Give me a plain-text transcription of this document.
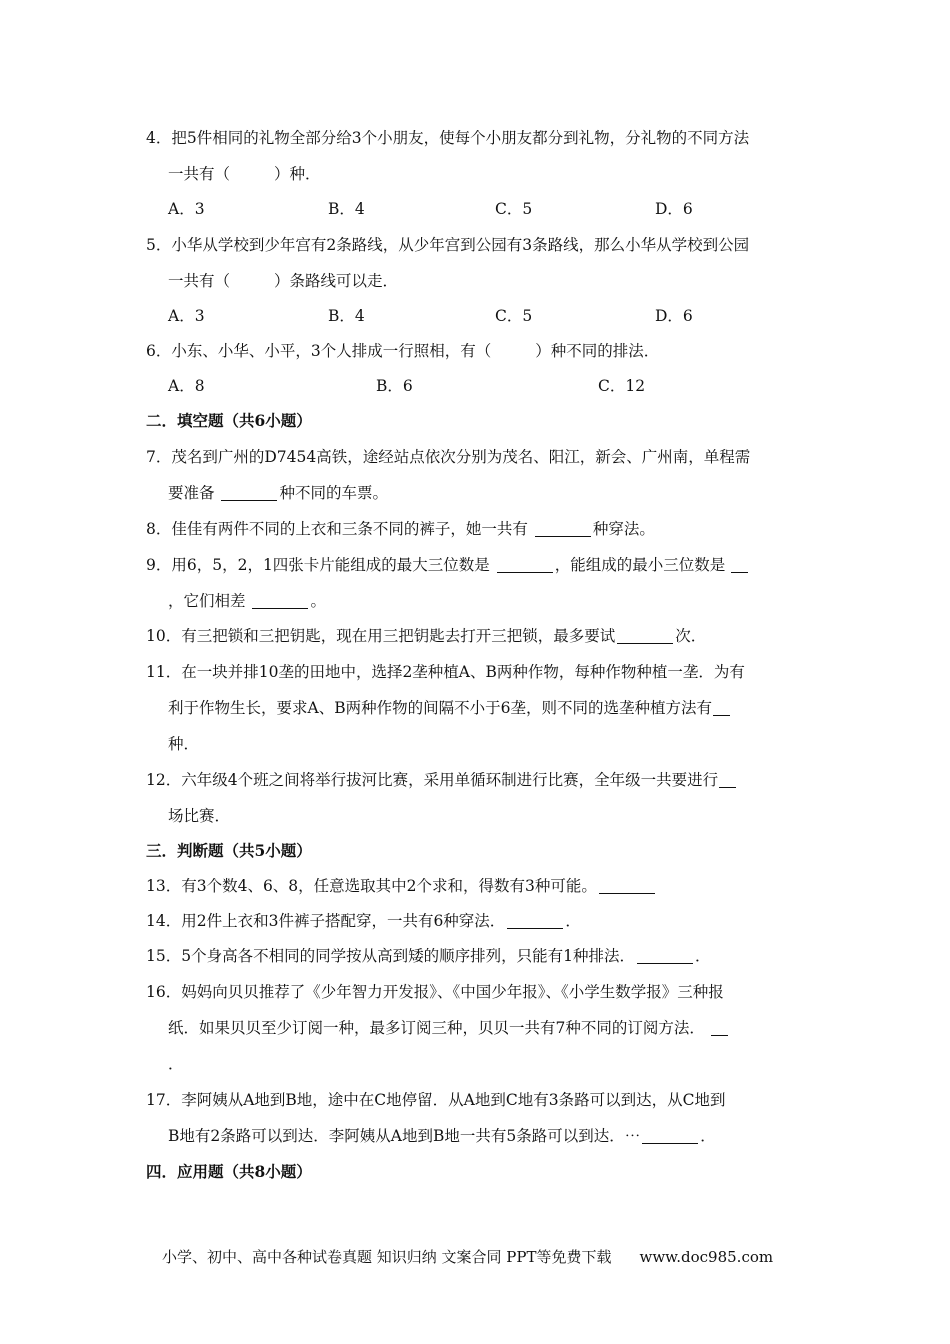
4．把5件相同的礼物全部分给3个小朋友，使每个小朋友都分到礼物，分礼物的不同方法
一共有（	）种．
A．3	B．4	C．5	D．6
5．小华从学校到少年宫有2条路线，从少年宫到公园有3条路线，那么小华从学校到公园
一共有（	）条路线可以走．
A．3	B．4	C．5	D．6
6．小东、小华、小平，3个人排成一行照相，有（	）种不同的排法．
A．8	B．6	C．12
二．填空题（共6小题）
7．茂名到广州的D7454高铁，途经站点依次分别为茂名、阳江，新会、广州南，单程需
要准备	种不同的车票。
8．佳佳有两件不同的上衣和三条不同的裤子，她一共有	种穿法。
9．用6，5，2，1四张卡片能组成的最大三位数是	，能组成的最小三位数是
，它们相差	。
10．有三把锁和三把钥匙，现在用三把钥匙去打开三把锁，最多要试	次．
11．在一块并排10垄的田地中，选择2垄种植A、B两种作物，每种作物种植一垄．为有
利于作物生长，要求A、B两种作物的间隔不小于6垄，则不同的选垄种植方法有
种．
12．六年级4个班之间将举行拔河比赛，采用单循环制进行比赛，全年级一共要进行
场比赛．
三．判断题（共5小题）
13．有3个数4、6、8，任意选取其中2个求和，得数有3种可能。
14．用2件上衣和3件裤子搭配穿，一共有6种穿法．	．
15．5个身高各不相同的同学按从高到矮的顺序排列，只能有1种排法．	．
16．妈妈向贝贝推荐了《少年智力开发报》、《中国少年报》、《小学生数学报》三种报
纸．如果贝贝至少订阅一种，最多订阅三种，贝贝一共有7种不同的订阅方法．
．
17．李阿姨从A地到B地，途中在C地停留．从A地到C地有3条路可以到达，从C地到
B地有2条路可以到达．李阿姨从A地到B地一共有5条路可以到达．⋯	．
四．应用题（共8小题）
小学、初中、高中各种试卷真题 知识归纳 文案合同 PPT等免费下载 www.doc985.com
